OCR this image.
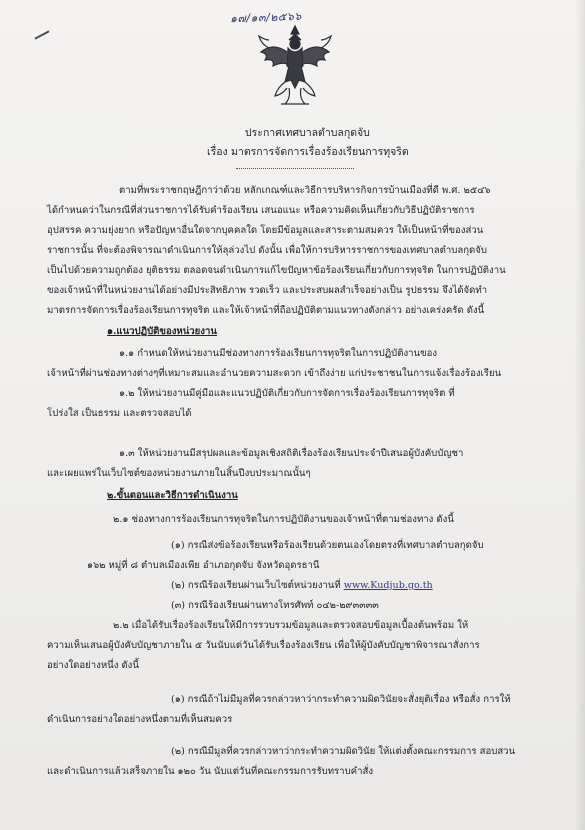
๑๗/๑๓/๒๕๖๖
ประกาศเทศบาลตำบลกุดจับ
เรื่อง มาตรการจัดการเรื่องร้องเรียนการทุจริต
ตามที่พระราชกฤษฎีกาว่าด้วย หลักเกณฑ์และวิธีการบริหารกิจการบ้านเมืองที่ดี พ.ศ. ๒๕๔๖
ได้กำหนดว่าในกรณีที่ส่วนราชการได้รับคำร้องเรียน เสนอแนะ หรือความคิดเห็นเกี่ยวกับวิธีปฏิบัติราชการ
อุปสรรค ความยุ่งยาก หรือปัญหาอื่นใดจากบุคคลใด โดยมีข้อมูลและสาระตามสมควร ให้เป็นหน้าที่ของส่วน
ราชการนั้น ที่จะต้องพิจารณาดำเนินการให้ลุล่วงไป ดังนั้น เพื่อให้การบริหารราชการของเทศบาลตำบลกุดจับ
เป็นไปด้วยความถูกต้อง ยุติธรรม ตลอดจนดำเนินการแก้ไขปัญหาข้อร้องเรียนเกี่ยวกับการทุจริต ในการปฏิบัติงาน
ของเจ้าหน้าที่ในหน่วยงานได้อย่างมีประสิทธิภาพ รวดเร็ว และประสบผลสำเร็จอย่างเป็น รูปธรรม จึงได้จัดทำ
มาตรการจัดการเรื่องร้องเรียนการทุจริต และให้เจ้าหน้าที่ถือปฏิบัติตามแนวทางดังกล่าว อย่างเคร่งครัด ดังนี้
๑.แนวปฏิบัติของหน่วยงาน
๑.๑ กำหนดให้หน่วยงานมีช่องทางการร้องเรียนการทุจริตในการปฏิบัติงานของ
เจ้าหน้าที่ผ่านช่องทางต่างๆที่เหมาะสมและอำนวยความสะดวก เข้าถึงง่าย แก่ประชาชนในการแจ้งเรื่องร้องเรียน
๑.๒ ให้หน่วยงานมีคู่มือและแนวปฏิบัติเกี่ยวกับการจัดการเรื่องร้องเรียนการทุจริต ที่
โปร่งใส เป็นธรรม และตรวจสอบได้
๑.๓ ให้หน่วยงานมีสรุปผลและข้อมูลเชิงสถิติเรื่องร้องเรียนประจำปีเสนอผู้บังคับบัญชา
และเผยแพร่ในเว็บไซต์ของหน่วยงานภายในสิ้นปีงบประมาณนั้นๆ
๒.ขั้นตอนและวิธีการดำเนินงาน
๒.๑ ช่องทางการร้องเรียนการทุจริตในการปฏิบัติงานของเจ้าหน้าที่ตามช่องทาง ดังนี้
(๑) กรณีส่งข้อร้องเรียนหรือร้องเรียนด้วยตนเองโดยตรงที่เทศบาลตำบลกุดจับ
๑๖๒ หมู่ที่ ๘ ตำบลเมืองเพีย อำเภอกุดจับ จังหวัดอุดรธานี
(๒) กรณีร้องเรียนผ่านเว็บไซต์หน่วยงานที่ www.Kudjub.go.th
(๓) กรณีร้องเรียนผ่านทางโทรศัพท์ ๐๔๒-๒๙๓๓๓๓
๒.๒ เมื่อได้รับเรื่องร้องเรียนให้มีการรวบรวมข้อมูลและตรวจสอบข้อมูลเบื้องต้นพร้อม ให้
ความเห็นเสนอผู้บังคับบัญชาภายใน ๕ วันนับแต่วันได้รับเรื่องร้องเรียน เพื่อให้ผู้บังคับบัญชาพิจารณาสั่งการ
อย่างใดอย่างหนึ่ง ดังนี้
(๑) กรณีถ้าไม่มีมูลที่ควรกล่าวหาว่ากระทำความผิดวินัยจะสั่งยุติเรื่อง หรือสั่ง การให้
ดำเนินการอย่างใดอย่างหนึ่งตามที่เห็นสมควร
(๒) กรณีมีมูลที่ควรกล่าวหาว่ากระทำความผิดวินัย ให้แต่งตั้งคณะกรรมการ สอบสวน
และดำเนินการแล้วเสร็จภายใน ๑๒๐ วัน นับแต่วันที่คณะกรรมการรับทราบคำสั่ง
